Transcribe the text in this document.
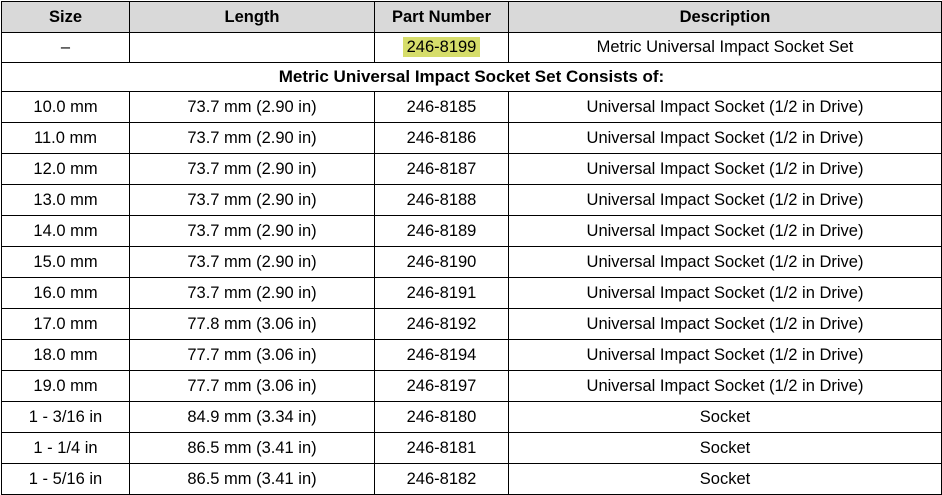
Size	Length	Part Number	Description
–		246-8199	Metric Universal Impact Socket Set
Metric Universal Impact Socket Set Consists of:			
10.0 mm	73.7 mm (2.90 in)	246-8185	Universal Impact Socket (1/2 in Drive)
11.0 mm	73.7 mm (2.90 in)	246-8186	Universal Impact Socket (1/2 in Drive)
12.0 mm	73.7 mm (2.90 in)	246-8187	Universal Impact Socket (1/2 in Drive)
13.0 mm	73.7 mm (2.90 in)	246-8188	Universal Impact Socket (1/2 in Drive)
14.0 mm	73.7 mm (2.90 in)	246-8189	Universal Impact Socket (1/2 in Drive)
15.0 mm	73.7 mm (2.90 in)	246-8190	Universal Impact Socket (1/2 in Drive)
16.0 mm	73.7 mm (2.90 in)	246-8191	Universal Impact Socket (1/2 in Drive)
17.0 mm	77.8 mm (3.06 in)	246-8192	Universal Impact Socket (1/2 in Drive)
18.0 mm	77.7 mm (3.06 in)	246-8194	Universal Impact Socket (1/2 in Drive)
19.0 mm	77.7 mm (3.06 in)	246-8197	Universal Impact Socket (1/2 in Drive)
1 - 3/16 in	84.9 mm (3.34 in)	246-8180	Socket
1 - 1/4 in	86.5 mm (3.41 in)	246-8181	Socket
1 - 5/16 in	86.5 mm (3.41 in)	246-8182	Socket
